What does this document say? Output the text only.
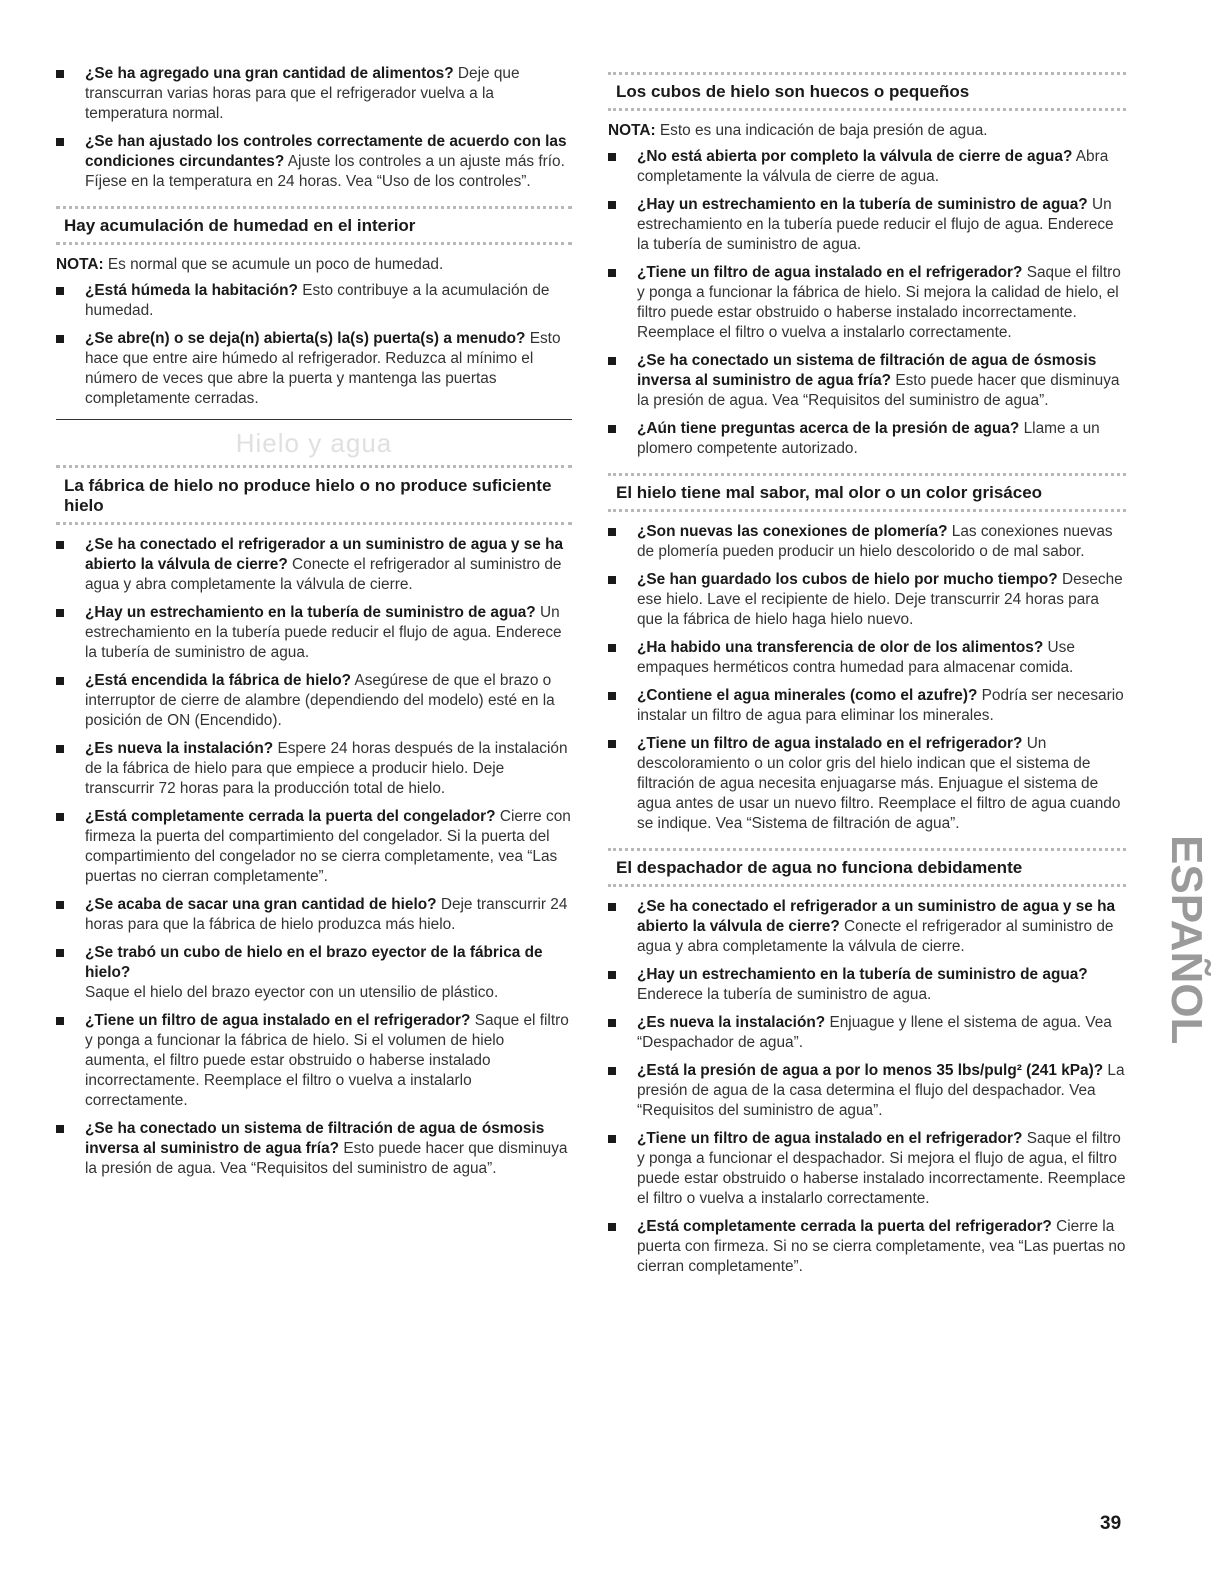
¿Se ha agregado una gran cantidad de alimentos? Deje que transcurran varias horas para que el refrigerador vuelva a la temperatura normal.
¿Se han ajustado los controles correctamente de acuerdo con las condiciones circundantes? Ajuste los controles a un ajuste más frío. Fíjese en la temperatura en 24 horas. Vea “Uso de los controles”.
Hay acumulación de humedad en el interior
NOTA: Es normal que se acumule un poco de humedad.
¿Está húmeda la habitación? Esto contribuye a la acumulación de humedad.
¿Se abre(n) o se deja(n) abierta(s) la(s) puerta(s) a menudo? Esto hace que entre aire húmedo al refrigerador. Reduzca al mínimo el número de veces que abre la puerta y mantenga las puertas completamente cerradas.
Hielo y agua
La fábrica de hielo no produce hielo o no produce suficiente hielo
¿Se ha conectado el refrigerador a un suministro de agua y se ha abierto la válvula de cierre? Conecte el refrigerador al suministro de agua y abra completamente la válvula de cierre.
¿Hay un estrechamiento en la tubería de suministro de agua? Un estrechamiento en la tubería puede reducir el flujo de agua. Enderece la tubería de suministro de agua.
¿Está encendida la fábrica de hielo? Asegúrese de que el brazo o interruptor de cierre de alambre (dependiendo del modelo) esté en la posición de ON (Encendido).
¿Es nueva la instalación? Espere 24 horas después de la instalación de la fábrica de hielo para que empiece a producir hielo. Deje transcurrir 72 horas para la producción total de hielo.
¿Está completamente cerrada la puerta del congelador? Cierre con firmeza la puerta del compartimiento del congelador. Si la puerta del compartimiento del congelador no se cierra completamente, vea “Las puertas no cierran completamente”.
¿Se acaba de sacar una gran cantidad de hielo? Deje transcurrir 24 horas para que la fábrica de hielo produzca más hielo.
¿Se trabó un cubo de hielo en el brazo eyector de la fábrica de hielo?
Saque el hielo del brazo eyector con un utensilio de plástico.
¿Tiene un filtro de agua instalado en el refrigerador? Saque el filtro y ponga a funcionar la fábrica de hielo. Si el volumen de hielo aumenta, el filtro puede estar obstruido o haberse instalado incorrectamente. Reemplace el filtro o vuelva a instalarlo correctamente.
¿Se ha conectado un sistema de filtración de agua de ósmosis inversa al suministro de agua fría? Esto puede hacer que disminuya la presión de agua. Vea “Requisitos del suministro de agua”.
Los cubos de hielo son huecos o pequeños
NOTA: Esto es una indicación de baja presión de agua.
¿No está abierta por completo la válvula de cierre de agua? Abra completamente la válvula de cierre de agua.
¿Hay un estrechamiento en la tubería de suministro de agua? Un estrechamiento en la tubería puede reducir el flujo de agua. Enderece la tubería de suministro de agua.
¿Tiene un filtro de agua instalado en el refrigerador? Saque el filtro y ponga a funcionar la fábrica de hielo. Si mejora la calidad de hielo, el filtro puede estar obstruido o haberse instalado incorrectamente. Reemplace el filtro o vuelva a instalarlo correctamente.
¿Se ha conectado un sistema de filtración de agua de ósmosis inversa al suministro de agua fría? Esto puede hacer que disminuya la presión de agua. Vea “Requisitos del suministro de agua”.
¿Aún tiene preguntas acerca de la presión de agua? Llame a un plomero competente autorizado.
El hielo tiene mal sabor, mal olor o un color grisáceo
¿Son nuevas las conexiones de plomería? Las conexiones nuevas de plomería pueden producir un hielo descolorido o de mal sabor.
¿Se han guardado los cubos de hielo por mucho tiempo? Deseche ese hielo. Lave el recipiente de hielo. Deje transcurrir 24 horas para que la fábrica de hielo haga hielo nuevo.
¿Ha habido una transferencia de olor de los alimentos? Use empaques herméticos contra humedad para almacenar comida.
¿Contiene el agua minerales (como el azufre)? Podría ser necesario instalar un filtro de agua para eliminar los minerales.
¿Tiene un filtro de agua instalado en el refrigerador? Un descoloramiento o un color gris del hielo indican que el sistema de filtración de agua necesita enjuagarse más. Enjuague el sistema de agua antes de usar un nuevo filtro. Reemplace el filtro de agua cuando se indique. Vea “Sistema de filtración de agua”.
El despachador de agua no funciona debidamente
¿Se ha conectado el refrigerador a un suministro de agua y se ha abierto la válvula de cierre? Conecte el refrigerador al suministro de agua y abra completamente la válvula de cierre.
¿Hay un estrechamiento en la tubería de suministro de agua? Enderece la tubería de suministro de agua.
¿Es nueva la instalación? Enjuague y llene el sistema de agua. Vea “Despachador de agua”.
¿Está la presión de agua a por lo menos 35 lbs/pulg² (241 kPa)? La presión de agua de la casa determina el flujo del despachador. Vea “Requisitos del suministro de agua”.
¿Tiene un filtro de agua instalado en el refrigerador? Saque el filtro y ponga a funcionar el despachador. Si mejora el flujo de agua, el filtro puede estar obstruido o haberse instalado incorrectamente. Reemplace el filtro o vuelva a instalarlo correctamente.
¿Está completamente cerrada la puerta del refrigerador? Cierre la puerta con firmeza. Si no se cierra completamente, vea “Las puertas no cierran completamente”.
ESPAÑOL
39
